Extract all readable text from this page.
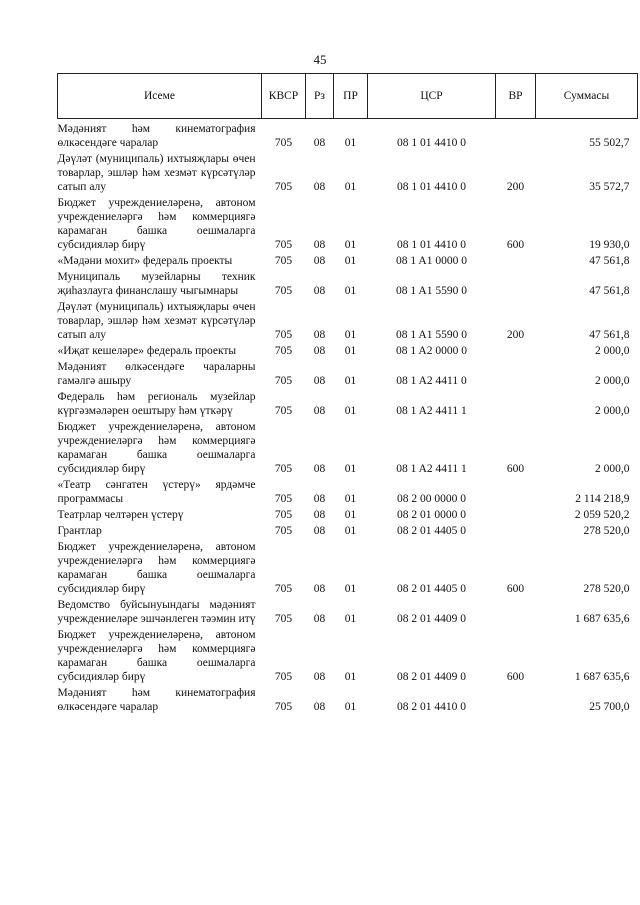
45
Исеме	КВСР	Рз	ПР	ЦСР	ВР	Суммасы
Мәдәният һәм кинематография өлкәсендәге чаралар	705	08	01	08 1 01 4410 0		55 502,7
Дәүләт (муниципаль) ихтыяҗлары өчен товарлар, эшләр һәм хезмәт күрсәтүләр сатып алу	705	08	01	08 1 01 4410 0	200	35 572,7
Бюджет учреждениеләренә, автоном учреждениеләргә һәм коммерциягә карамаган башка оешмаларга субсидияләр бирү	705	08	01	08 1 01 4410 0	600	19 930,0
«Мәдәни мохит» федераль проекты	705	08	01	08 1 A1 0000 0		47 561,8
Муниципаль музейларны техник җиһазлауга финанслашу чыгымнары	705	08	01	08 1 A1 5590 0		47 561,8
Дәүләт (муниципаль) ихтыяҗлары өчен товарлар, эшләр һәм хезмәт күрсәтүләр сатып алу	705	08	01	08 1 A1 5590 0	200	47 561,8
«Иҗат кешеләре» федераль проекты	705	08	01	08 1 A2 0000 0		2 000,0
Мәдәният өлкәсендәге чараларны гамәлгә ашыру	705	08	01	08 1 A2 4411 0		2 000,0
Федераль һәм региональ музейлар күргәзмәләрен оештыру һәм үткәрү	705	08	01	08 1 A2 4411 1		2 000,0
Бюджет учреждениеләренә, автоном учреждениеләргә һәм коммерциягә карамаган башка оешмаларга субсидияләр бирү	705	08	01	08 1 A2 4411 1	600	2 000,0
«Театр сәнгатен үстерү» ярдәмче программасы	705	08	01	08 2 00 0000 0		2 114 218,9
Театрлар челтәрен үстерү	705	08	01	08 2 01 0000 0		2 059 520,2
Грантлар	705	08	01	08 2 01 4405 0		278 520,0
Бюджет учреждениеләренә, автоном учреждениеләргә һәм коммерциягә карамаган башка оешмаларга субсидияләр бирү	705	08	01	08 2 01 4405 0	600	278 520,0
Ведомство буйсынуындагы мәдәният учреждениеләре эшчәнлеген тәэмин итү	705	08	01	08 2 01 4409 0		1 687 635,6
Бюджет учреждениеләренә, автоном учреждениеләргә һәм коммерциягә карамаган башка оешмаларга субсидияләр бирү	705	08	01	08 2 01 4409 0	600	1 687 635,6
Мәдәният һәм кинематография өлкәсендәге чаралар	705	08	01	08 2 01 4410 0		25 700,0
